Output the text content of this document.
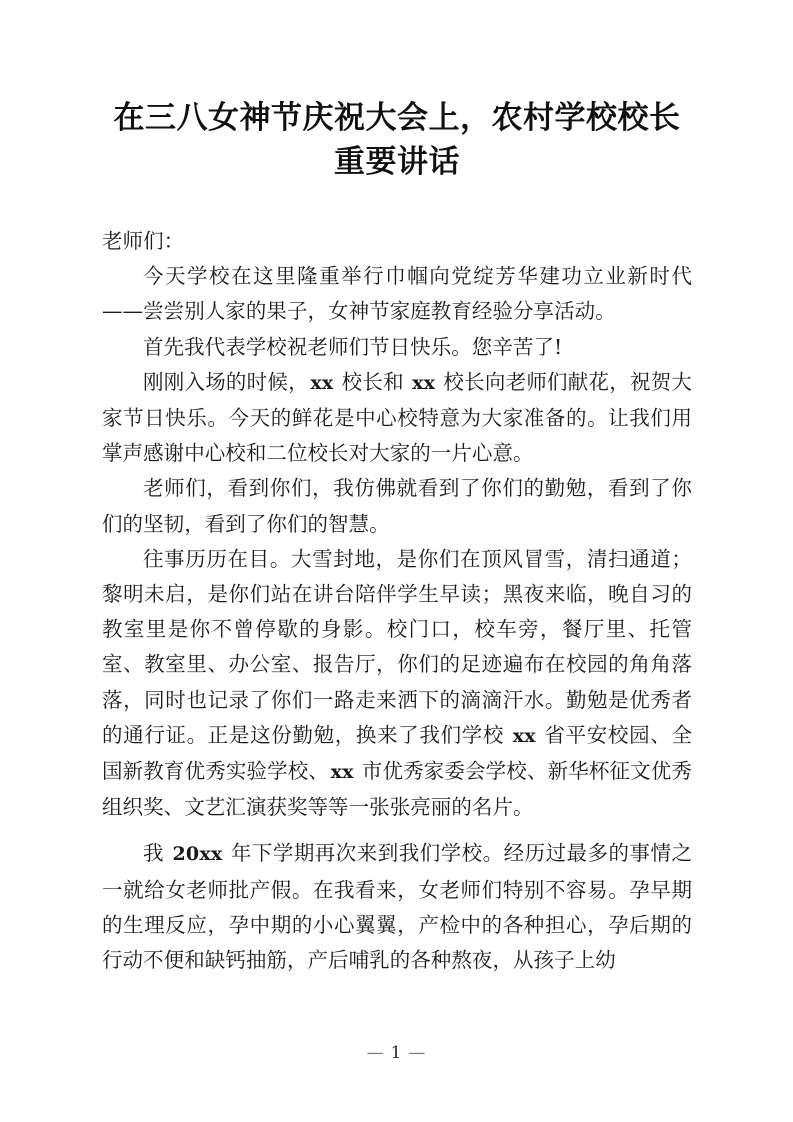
在三八女神节庆祝大会上，农村学校校长重要讲话

老师们：

今天学校在这里隆重举行巾帼向党绽芳华建功立业新时代——尝尝别人家的果子，女神节家庭教育经验分享活动。

首先我代表学校祝老师们节日快乐。您辛苦了!

刚刚入场的时候，xx 校长和 xx 校长向老师们献花，祝贺大家节日快乐。今天的鲜花是中心校特意为大家准备的。让我们用掌声感谢中心校和二位校长对大家的一片心意。

老师们，看到你们，我仿佛就看到了你们的勤勉，看到了你们的坚韧，看到了你们的智慧。

往事历历在目。大雪封地，是你们在顶风冒雪，清扫通道；黎明未启，是你们站在讲台陪伴学生早读；黑夜来临，晚自习的教室里是你不曾停歇的身影。校门口，校车旁，餐厅里、托管室、教室里、办公室、报告厅，你们的足迹遍布在校园的角角落落，同时也记录了你们一路走来洒下的滴滴汗水。勤勉是优秀者的通行证。正是这份勤勉，换来了我们学校 xx 省平安校园、全国新教育优秀实验学校、xx 市优秀家委会学校、新华杯征文优秀组织奖、文艺汇演获奖等等一张张亮丽的名片。

我 20xx 年下学期再次来到我们学校。经历过最多的事情之一就给女老师批产假。在我看来，女老师们特别不容易。孕早期的生理反应，孕中期的小心翼翼，产检中的各种担心，孕后期的行动不便和缺钙抽筋，产后哺乳的各种熬夜，从孩子上幼

— 1 —
